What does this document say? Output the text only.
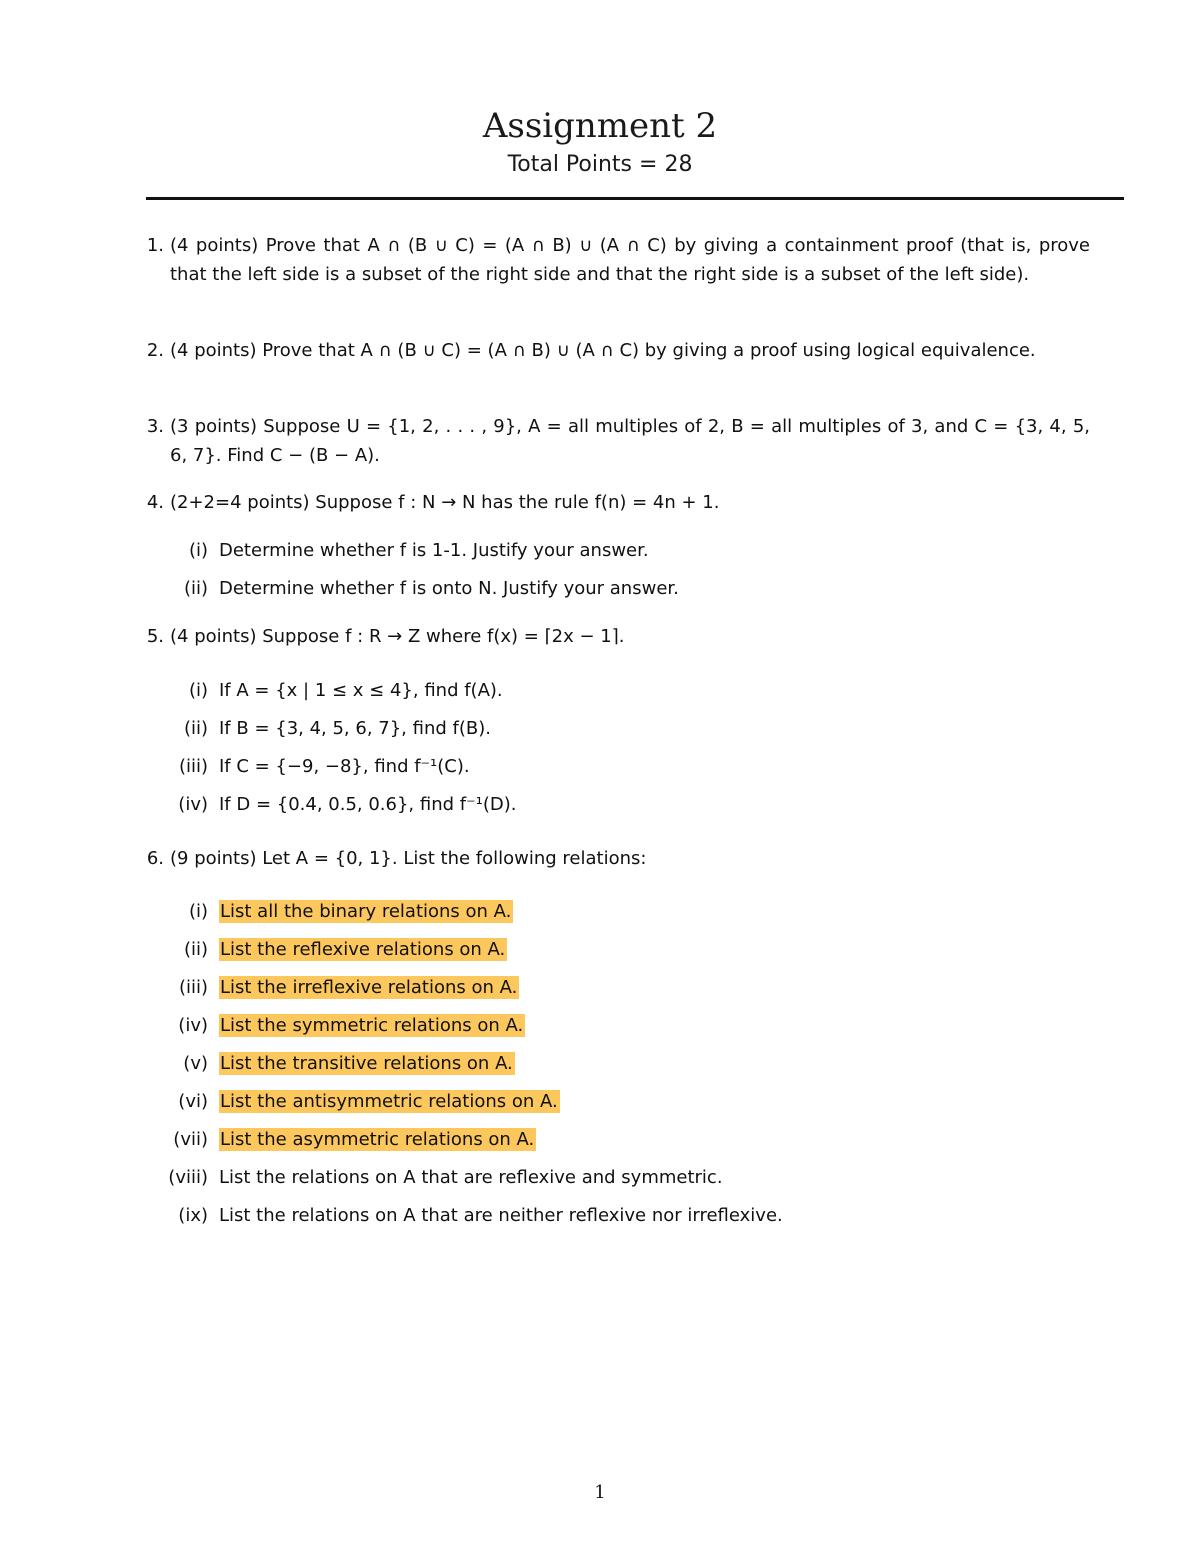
Assignment 2
Total Points = 28
1. (4 points) Prove that A ∩ (B ∪ C) = (A ∩ B) ∪ (A ∩ C) by giving a containment proof (that is, prove that the left side is a subset of the right side and that the right side is a subset of the left side).
2. (4 points) Prove that A ∩ (B ∪ C) = (A ∩ B) ∪ (A ∩ C) by giving a proof using logical equivalence.
3. (3 points) Suppose U = {1, 2, . . . , 9}, A = all multiples of 2, B = all multiples of 3, and C = {3, 4, 5, 6, 7}. Find C − (B − A).
4. (2+2=4 points) Suppose f : N → N has the rule f(n) = 4n + 1.
(i) Determine whether f is 1-1. Justify your answer.
(ii) Determine whether f is onto N. Justify your answer.
5. (4 points) Suppose f : R → Z where f(x) = ⌈2x − 1⌉.
(i) If A = {x | 1 ≤ x ≤ 4}, find f(A).
(ii) If B = {3, 4, 5, 6, 7}, find f(B).
(iii) If C = {−9, −8}, find f⁻¹(C).
(iv) If D = {0.4, 0.5, 0.6}, find f⁻¹(D).
6. (9 points) Let A = {0, 1}. List the following relations:
(i) List all the binary relations on A.
(ii) List the reflexive relations on A.
(iii) List the irreflexive relations on A.
(iv) List the symmetric relations on A.
(v) List the transitive relations on A.
(vi) List the antisymmetric relations on A.
(vii) List the asymmetric relations on A.
(viii) List the relations on A that are reflexive and symmetric.
(ix) List the relations on A that are neither reflexive nor irreflexive.
1
